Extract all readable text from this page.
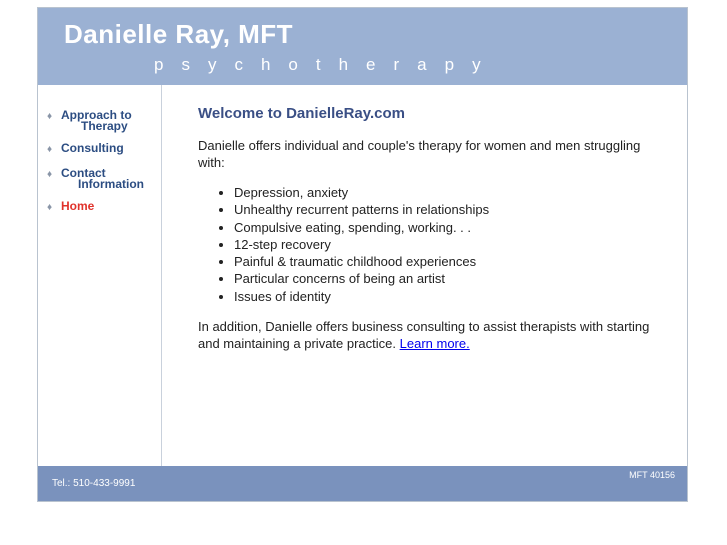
Danielle Ray, MFT
psychotherapy
♦ Approach to
Therapy
♦ Consulting
♦ Contact
Information
♦ Home
Welcome to DanielleRay.com

Danielle offers individual and couple's therapy for women and men struggling with:

• Depression, anxiety
• Unhealthy recurrent patterns in relationships
• Compulsive eating, spending, working. . .
• 12-step recovery
• Painful & traumatic childhood experiences
• Particular concerns of being an artist
• Issues of identity

In addition, Danielle offers business consulting to assist therapists with starting and maintaining a private practice. Learn more.

Tel.: 510-433-9991
MFT 40156
